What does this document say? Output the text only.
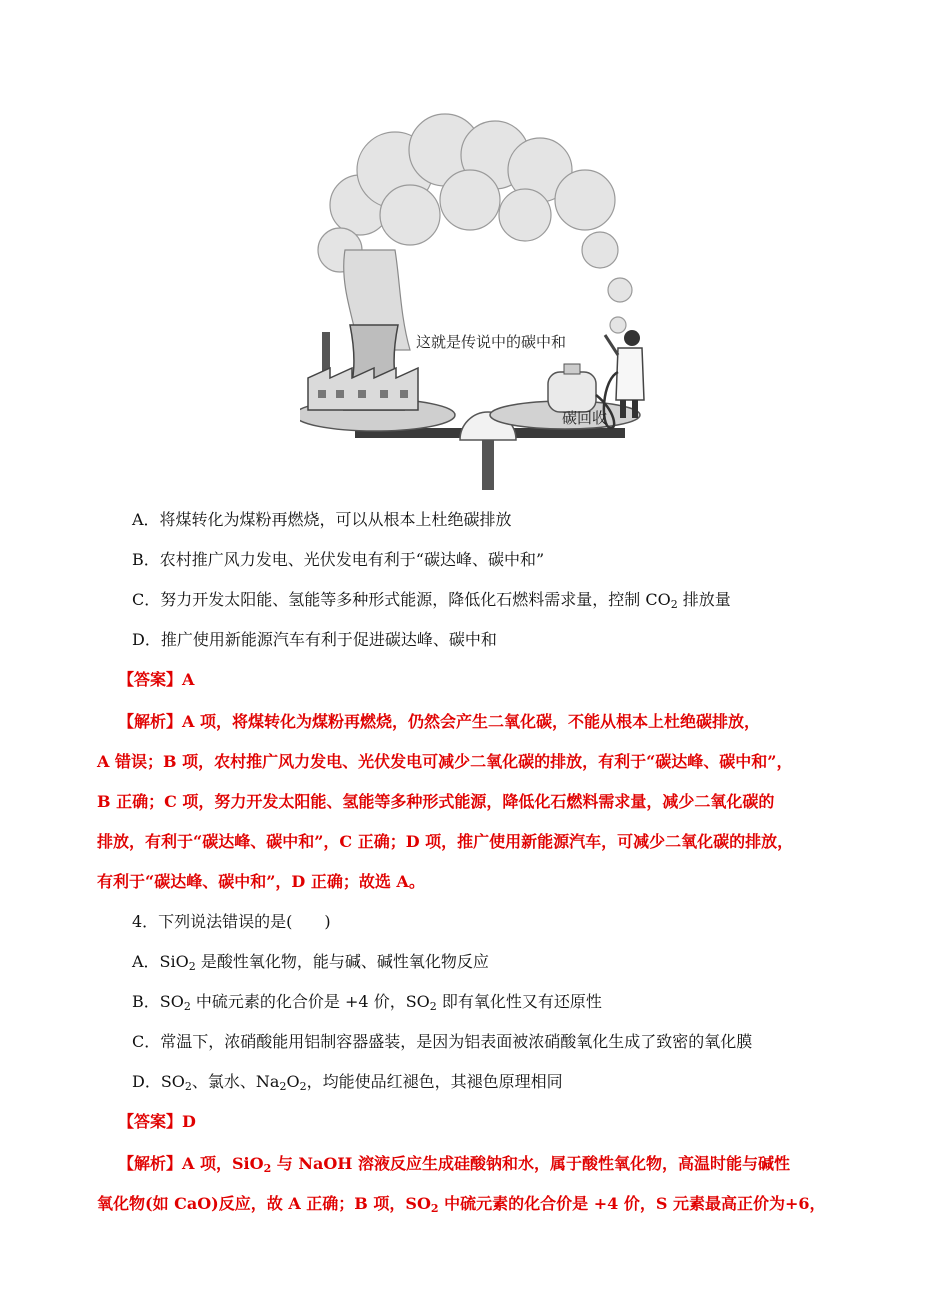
这就是传说中的碳中和
碳回收
A．将煤转化为煤粉再燃烧，可以从根本上杜绝碳排放
B．农村推广风力发电、光伏发电有利于“碳达峰、碳中和”
C．努力开发太阳能、氢能等多种形式能源，降低化石燃料需求量，控制 $CO_2$ 排放量
D．推广使用新能源汽车有利于促进碳达峰、碳中和
【答案】A
【解析】A 项，将煤转化为煤粉再燃烧，仍然会产生二氧化碳，不能从根本上杜绝碳排放，
A 错误；B 项，农村推广风力发电、光伏发电可减少二氧化碳的排放，有利于“碳达峰、碳中和”，
B 正确；C 项，努力开发太阳能、氢能等多种形式能源，降低化石燃料需求量，减少二氧化碳的
排放，有利于“碳达峰、碳中和”，C 正确；D 项，推广使用新能源汽车，可减少二氧化碳的排放，
有利于“碳达峰、碳中和”，D 正确；故选 A。
4．下列说法错误的是(　　)
A．SiO$_2$ 是酸性氧化物，能与碱、碱性氧化物反应
B．$SO_2$ 中硫元素的化合价是 +4 价，$SO_2$ 即有氧化性又有还原性
C．常温下，浓硝酸能用铝制容器盛装，是因为铝表面被浓硝酸氧化生成了致密的氧化膜
D．$SO_2$、氯水、$Na_2O_2$，均能使品红褪色，其褪色原理相同
【答案】D
【解析】A 项，SiO$_2$ 与 NaOH 溶液反应生成硅酸钠和水，属于酸性氧化物，高温时能与碱性
氧化物(如 CaO)反应，故 A 正确；B 项，$SO_2$ 中硫元素的化合价是 +4 价，S 元素最高正价为+6，
